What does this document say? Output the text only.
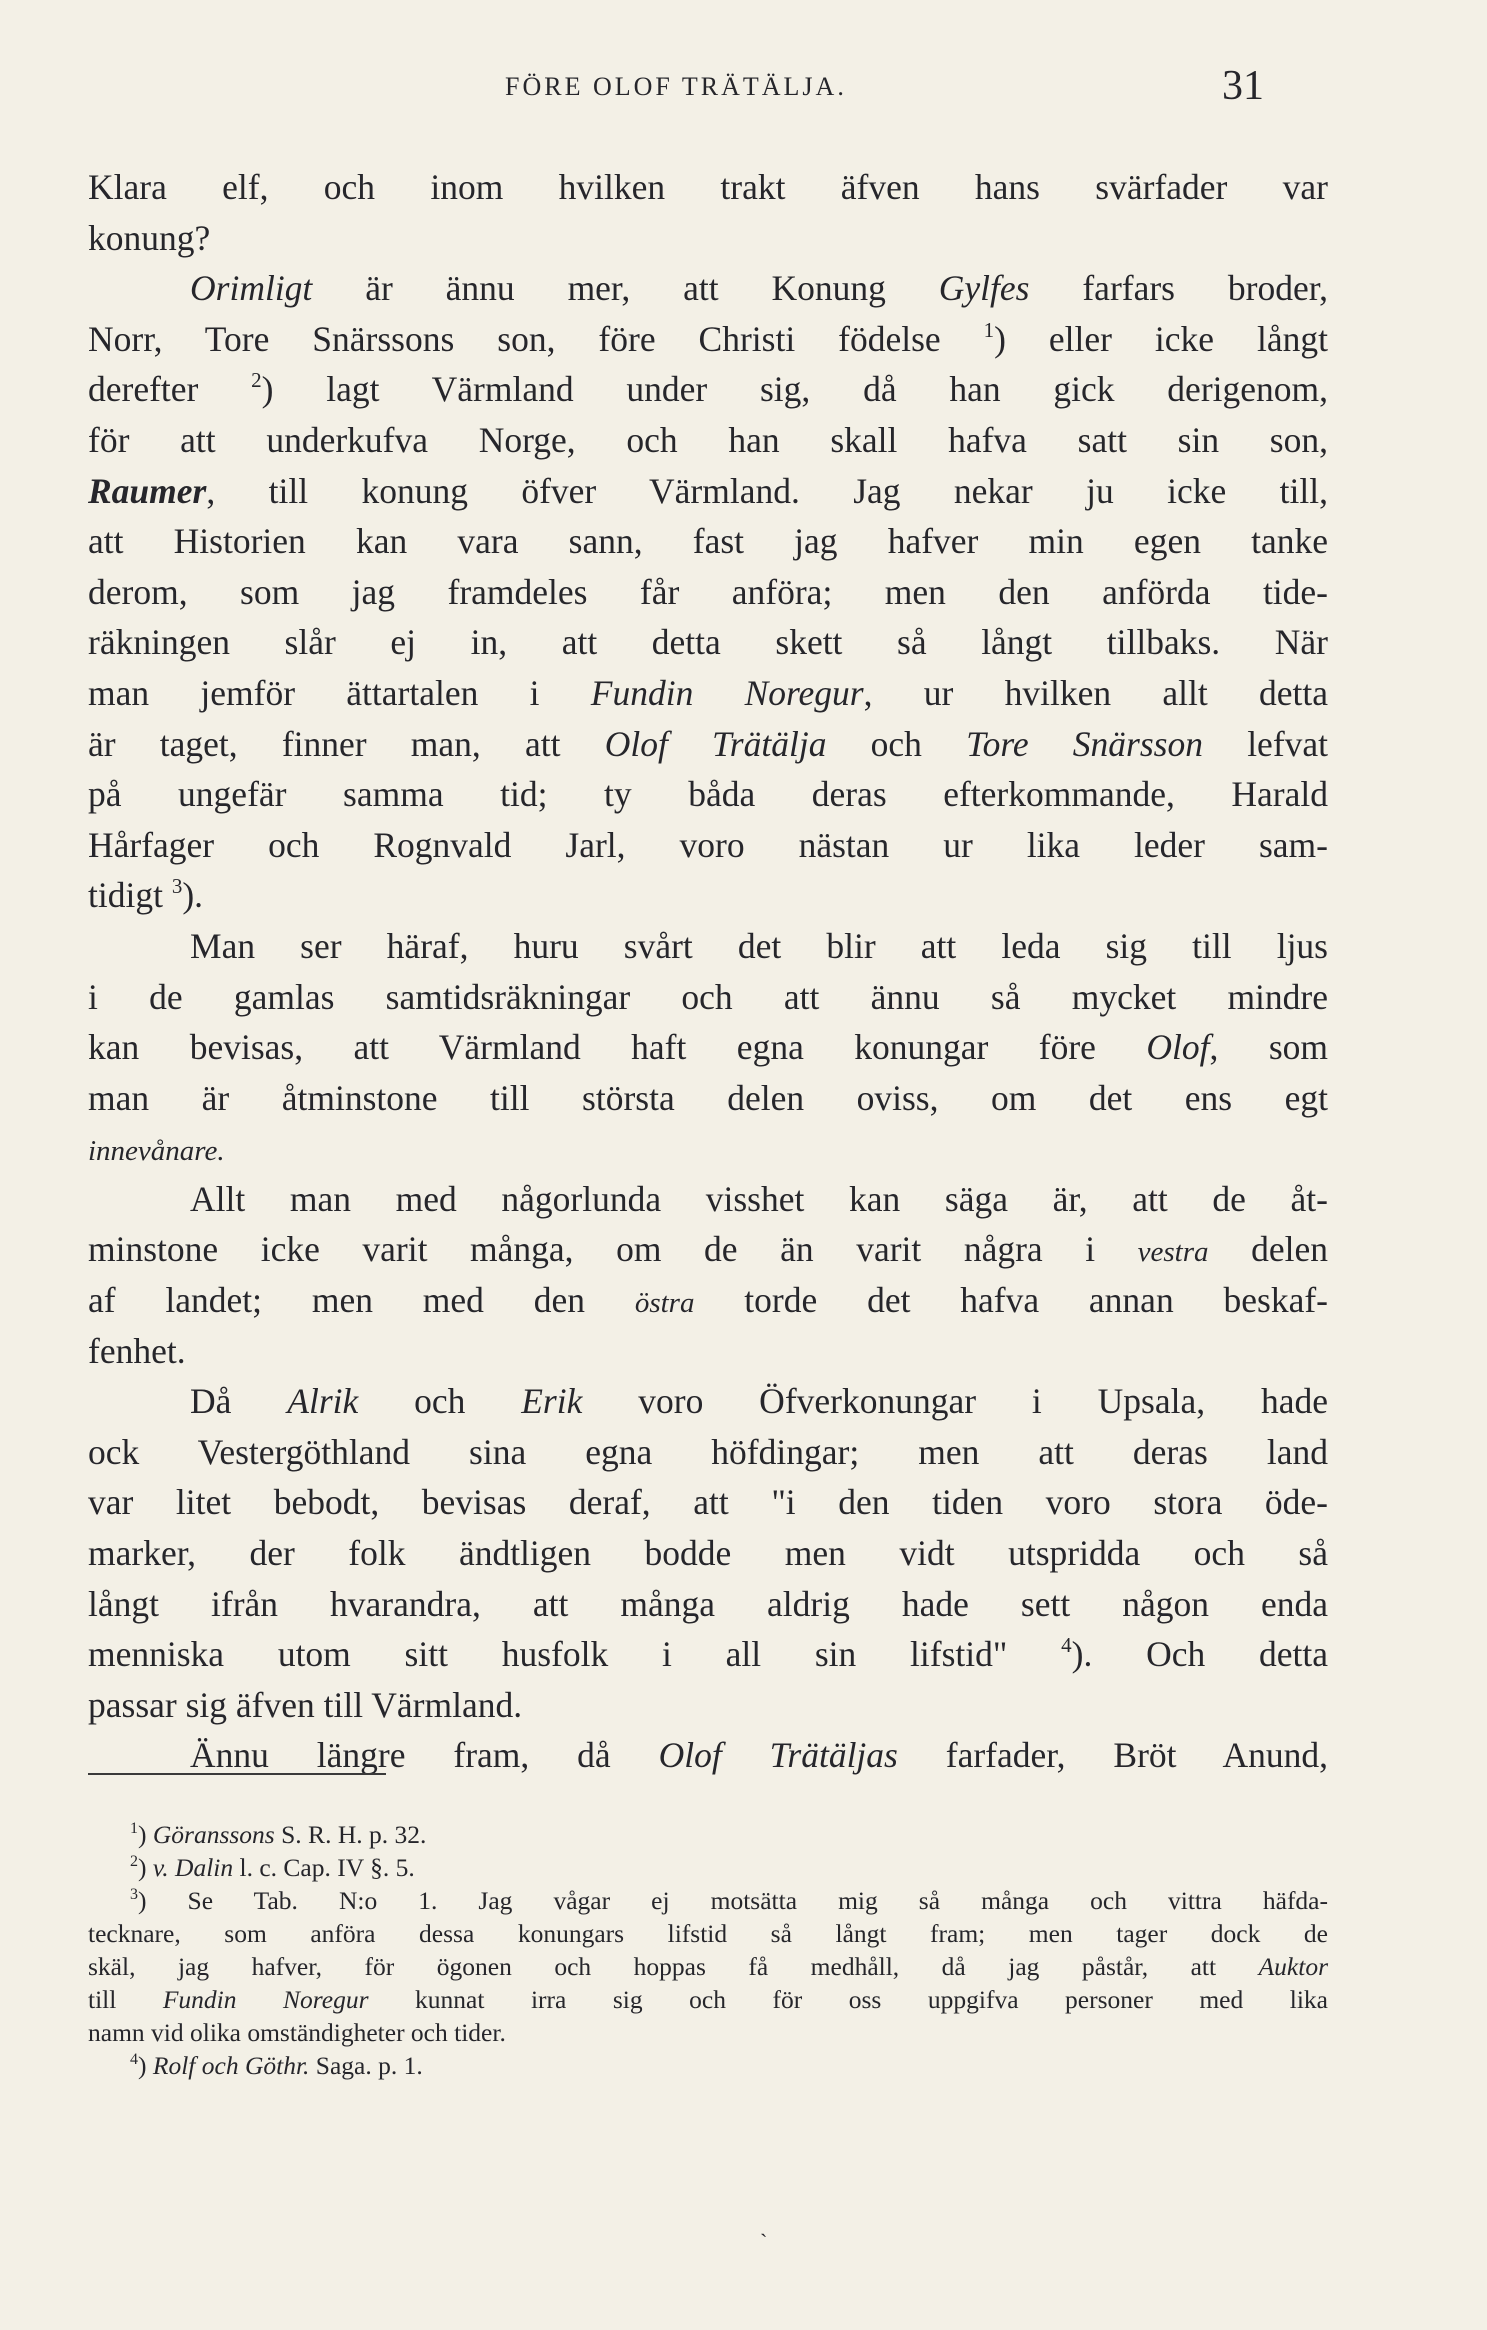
FÖRE OLOF TRÄTÄLJA.	31
Klara elf, och inom hvilken trakt äfven hans svärfader var
konung?
Orimligt är ännu mer, att Konung Gylfes farfars broder,
Norr, Tore Snärssons son, före Christi födelse $^1$) eller icke långt
derefter $^2$) lagt Värmland under sig, då han gick derigenom,
för att underkufva Norge, och han skall hafva satt sin son,
Raumer, till konung öfver Värmland. Jag nekar ju icke till,
att Historien kan vara sann, fast jag hafver min egen tanke
derom, som jag framdeles får anföra; men den anförda tide-
räkningen slår ej in, att detta skett så långt tillbaks. När
man jemför ättartalen i Fundin Noregur, ur hvilken allt detta
är taget, finner man, att Olof Trätälja och Tore Snärsson lefvat
på ungefär samma tid; ty båda deras efterkommande, Harald
Hårfager och Rognvald Jarl, voro nästan ur lika leder sam-
tidigt $^3$).
Man ser häraf, huru svårt det blir att leda sig till ljus
i de gamlas samtidsräkningar och att ännu så mycket mindre
kan bevisas, att Värmland haft egna konungar före Olof, som
man är åtminstone till största delen oviss, om det ens egt
innevånare.
Allt man med någorlunda visshet kan säga är, att de åt-
minstone icke varit många, om de än varit några i vestra delen
af landet; men med den östra torde det hafva annan beskaf-
fenhet.
Då Alrik och Erik voro Öfverkonungar i Upsala, hade
ock Vestergöthland sina egna höfdingar; men att deras land
var litet bebodt, bevisas deraf, att "i den tiden voro stora öde-
marker, der folk ändtligen bodde men vidt utspridda och så
långt ifrån hvarandra, att många aldrig hade sett någon enda
menniska utom sitt husfolk i all sin lifstid" $^4$). Och detta
passar sig äfven till Värmland.
Ännu längre fram, då Olof Trätäljas farfader, Bröt Anund,
$^1$) Göranssons S. R. H. p. 32.
$^2$) v. Dalin l. c. Cap. IV §. 5.
$^3$) Se Tab. N:o 1. Jag vågar ej motsätta mig så många och vittra häfda-
tecknare, som anföra dessa konungars lifstid så långt fram; men tager dock de
skäl, jag hafver, för ögonen och hoppas få medhåll, då jag påstår, att Auktor
till Fundin Noregur kunnat irra sig och för oss uppgifva personer med lika
namn vid olika omständigheter och tider.
$^4$) Rolf och Göthr. Saga. p. 1.
ˎ
